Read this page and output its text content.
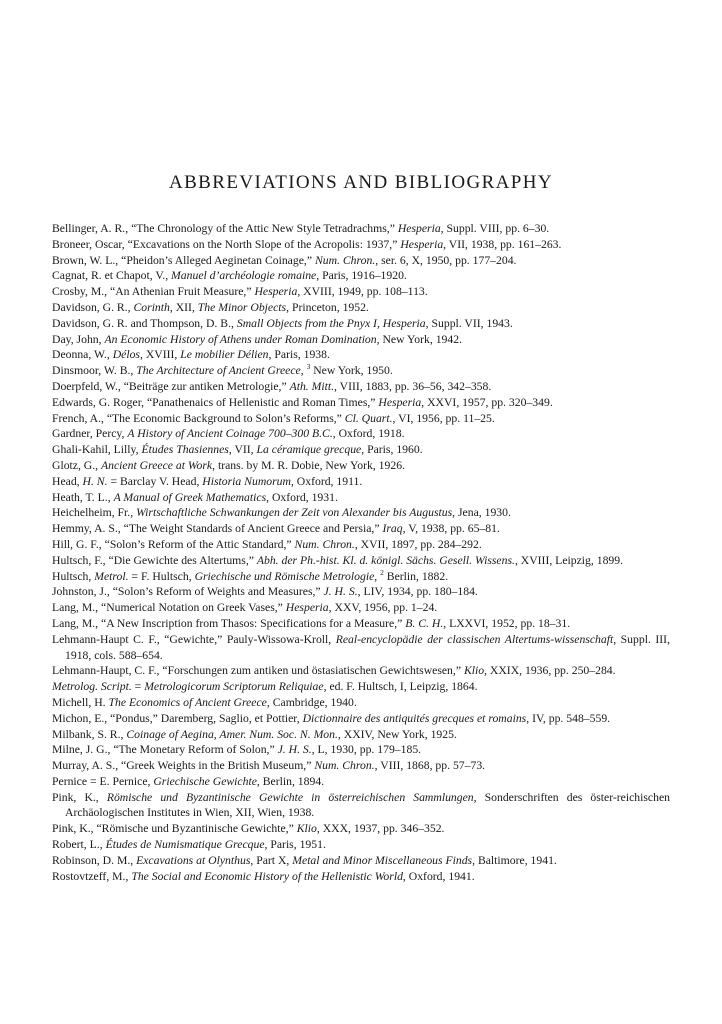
ABBREVIATIONS AND BIBLIOGRAPHY
Bellinger, A. R., “The Chronology of the Attic New Style Tetradrachms,” Hesperia, Suppl. VIII, pp. 6–30.
Broneer, Oscar, “Excavations on the North Slope of the Acropolis: 1937,” Hesperia, VII, 1938, pp. 161–263.
Brown, W. L., “Pheidon’s Alleged Aeginetan Coinage,” Num. Chron., ser. 6, X, 1950, pp. 177–204.
Cagnat, R. et Chapot, V., Manuel d’archéologie romaine, Paris, 1916–1920.
Crosby, M., “An Athenian Fruit Measure,” Hesperia, XVIII, 1949, pp. 108–113.
Davidson, G. R., Corinth, XII, The Minor Objects, Princeton, 1952.
Davidson, G. R. and Thompson, D. B., Small Objects from the Pnyx I, Hesperia, Suppl. VII, 1943.
Day, John, An Economic History of Athens under Roman Domination, New York, 1942.
Deonna, W., Délos, XVIII, Le mobilier Délien, Paris, 1938.
Dinsmoor, W. B., The Architecture of Ancient Greece, $^3$ New York, 1950.
Doerpfeld, W., “Beiträge zur antiken Metrologie,” Ath. Mitt., VIII, 1883, pp. 36–56, 342–358.
Edwards, G. Roger, “Panathenaics of Hellenistic and Roman Times,” Hesperia, XXVI, 1957, pp. 320–349.
French, A., “The Economic Background to Solon’s Reforms,” Cl. Quart., VI, 1956, pp. 11–25.
Gardner, Percy, A History of Ancient Coinage 700–300 B.C., Oxford, 1918.
Ghali-Kahil, Lilly, Études Thasiennes, VII, La céramique grecque, Paris, 1960.
Glotz, G., Ancient Greece at Work, trans. by M. R. Dobie, New York, 1926.
Head, H. N. = Barclay V. Head, Historia Numorum, Oxford, 1911.
Heath, T. L., A Manual of Greek Mathematics, Oxford, 1931.
Heichelheim, Fr., Wirtschaftliche Schwankungen der Zeit von Alexander bis Augustus, Jena, 1930.
Hemmy, A. S., “The Weight Standards of Ancient Greece and Persia,” Iraq, V, 1938, pp. 65–81.
Hill, G. F., “Solon’s Reform of the Attic Standard,” Num. Chron., XVII, 1897, pp. 284–292.
Hultsch, F., “Die Gewichte des Altertums,” Abh. der Ph.-hist. Kl. d. königl. Sächs. Gesell. Wissens., XVIII, Leipzig, 1899.
Hultsch, Metrol. = F. Hultsch, Griechische und Römische Metrologie, $^2$ Berlin, 1882.
Johnston, J., “Solon’s Reform of Weights and Measures,” J. H. S., LIV, 1934, pp. 180–184.
Lang, M., “Numerical Notation on Greek Vases,” Hesperia, XXV, 1956, pp. 1–24.
Lang, M., “A New Inscription from Thasos: Specifications for a Measure,” B. C. H., LXXVI, 1952, pp. 18–31.
Lehmann-Haupt C. F., “Gewichte,” Pauly-Wissowa-Kroll, Real-encyclopädie der classischen Altertums-wissenschaft, Suppl. III, 1918, cols. 588–654.
Lehmann-Haupt, C. F., “Forschungen zum antiken und östasiatischen Gewichtswesen,” Klio, XXIX, 1936, pp. 250–284.
Metrolog. Script. = Metrologicorum Scriptorum Reliquiae, ed. F. Hultsch, I, Leipzig, 1864.
Michell, H. The Economics of Ancient Greece, Cambridge, 1940.
Michon, E., “Pondus,” Daremberg, Saglio, et Pottier, Dictionnaire des antiquités grecques et romains, IV, pp. 548–559.
Milbank, S. R., Coinage of Aegina, Amer. Num. Soc. N. Mon., XXIV, New York, 1925.
Milne, J. G., “The Monetary Reform of Solon,” J. H. S., L, 1930, pp. 179–185.
Murray, A. S., “Greek Weights in the British Museum,” Num. Chron., VIII, 1868, pp. 57–73.
Pernice = E. Pernice, Griechische Gewichte, Berlin, 1894.
Pink, K., Römische und Byzantinische Gewichte in österreichischen Sammlungen, Sonderschriften des öster-reichischen Archäologischen Institutes in Wien, XII, Wien, 1938.
Pink, K., “Römische und Byzantinische Gewichte,” Klio, XXX, 1937, pp. 346–352.
Robert, L., Études de Numismatique Grecque, Paris, 1951.
Robinson, D. M., Excavations at Olynthus, Part X, Metal and Minor Miscellaneous Finds, Baltimore, 1941.
Rostovtzeff, M., The Social and Economic History of the Hellenistic World, Oxford, 1941.
